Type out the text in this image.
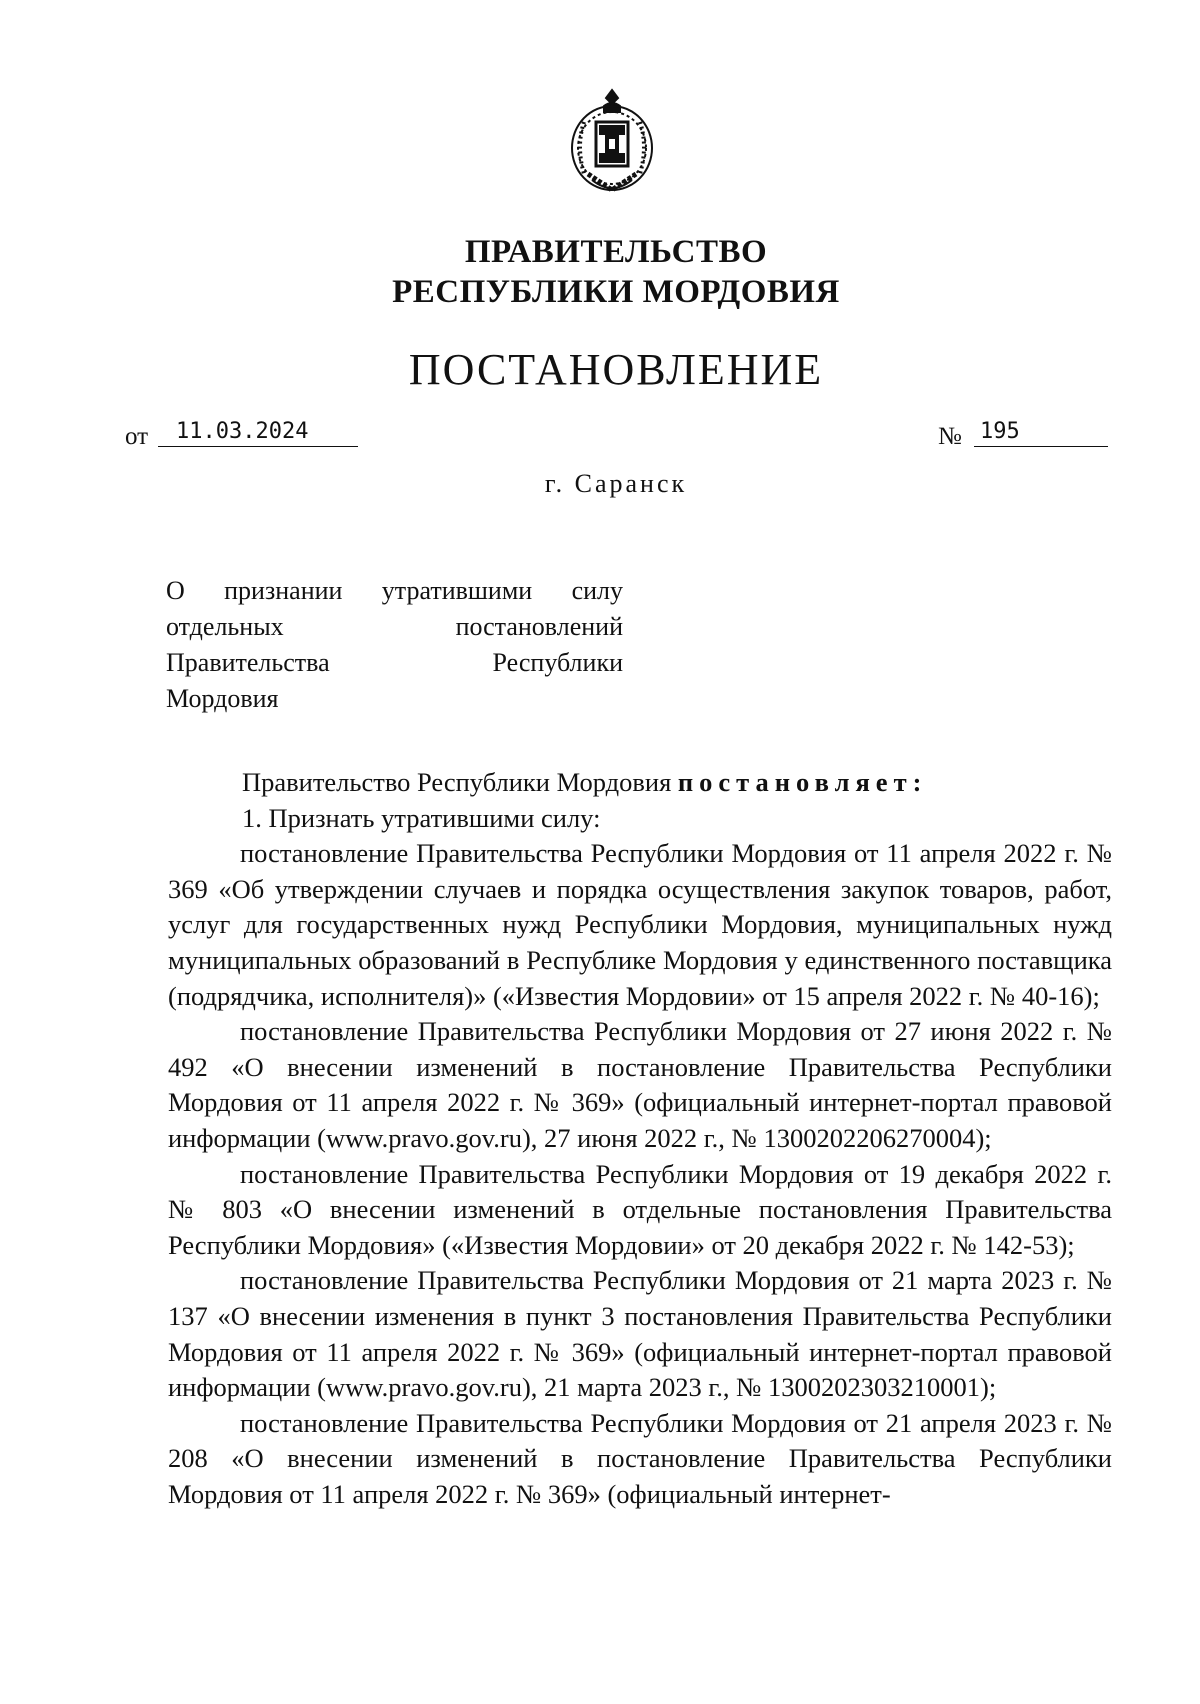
ПРАВИТЕЛЬСТВО
РЕСПУБЛИКИ МОРДОВИЯ
ПОСТАНОВЛЕНИЕ
от	11.03.2024	№ 195
г. Саранск
О признании утратившими силу
отдельных постановлений
Правительства Республики
Мордовия

Правительство Республики Мордовия постановляет:

1. Признать утратившими силу:

постановление Правительства Республики Мордовия от 11 апреля 2022 г. № 369 «Об утверждении случаев и порядка осуществления закупок товаров, работ, услуг для государственных нужд Республики Мордовия, муниципальных нужд муниципальных образований в Республике Мордовия у единственного поставщика (подрядчика, исполнителя)» («Известия Мордовии» от 15 апреля 2022 г. № 40-16);

постановление Правительства Республики Мордовия от 27 июня 2022 г. № 492 «О внесении изменений в постановление Правительства Республики Мордовия от 11 апреля 2022 г. № 369» (официальный интернет-портал правовой информации (www.pravo.gov.ru), 27 июня 2022 г., № 1300202206270004);

постановление Правительства Республики Мордовия от 19 декабря 2022 г. № 803 «О внесении изменений в отдельные постановления Правительства Республики Мордовия» («Известия Мордовии» от 20 декабря 2022 г. № 142-53);

постановление Правительства Республики Мордовия от 21 марта 2023 г. № 137 «О внесении изменения в пункт 3 постановления Правительства Республики Мордовия от 11 апреля 2022 г. № 369» (официальный интернет-портал правовой информации (www.pravo.gov.ru), 21 марта 2023 г., № 1300202303210001);

постановление Правительства Республики Мордовия от 21 апреля 2023 г. № 208 «О внесении изменений в постановление Правительства Республики Мордовия от 11 апреля 2022 г. № 369» (официальный интернет-
